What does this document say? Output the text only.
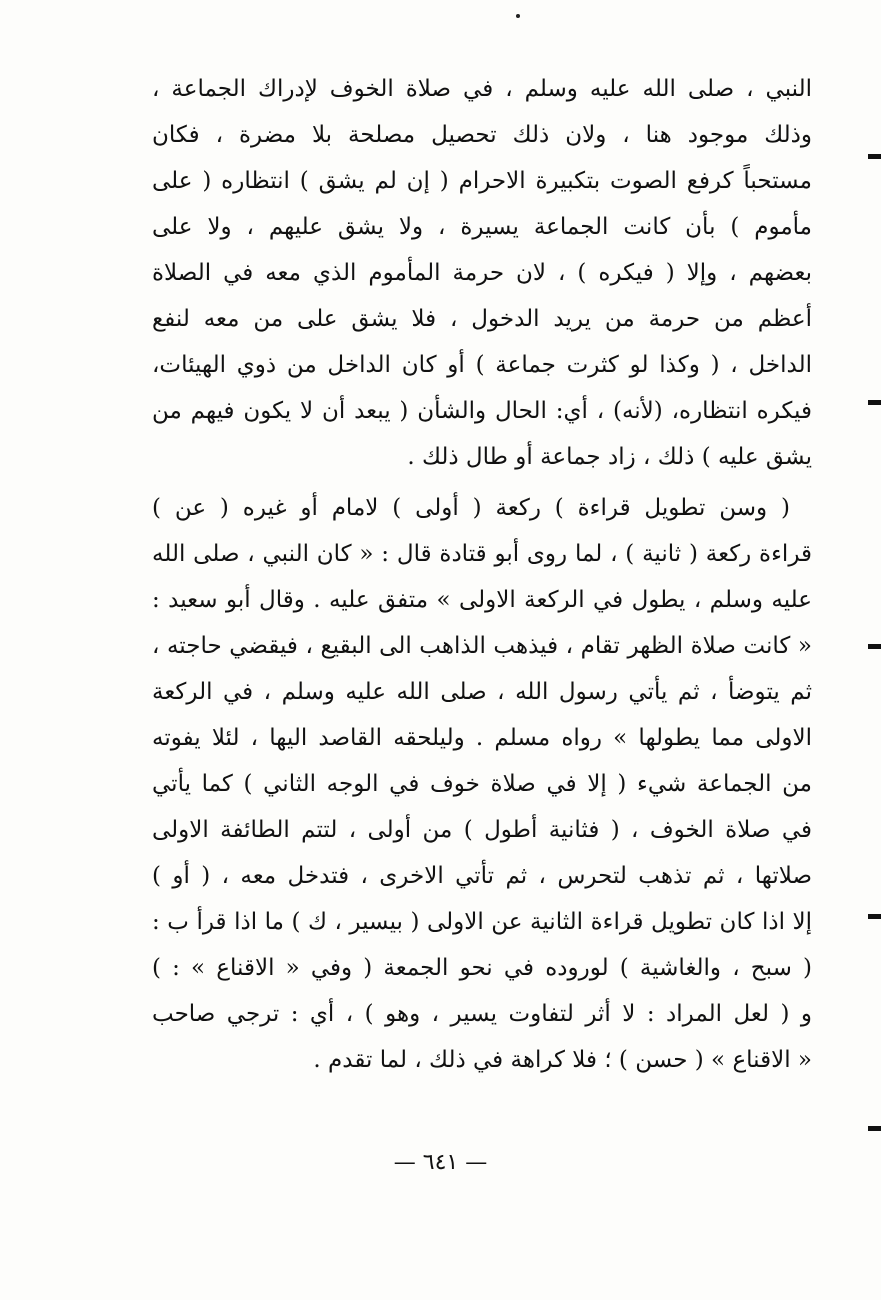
النبي ، صلى الله عليه وسلم ، في صلاة الخوف لإدراك الجماعة ،
وذلك موجود هنا ، ولان ذلك تحصيل مصلحة بلا مضرة ، فكان
مستحباً كرفع الصوت بتكبيرة الاحرام ( إن لم يشق ) انتظاره ( على
مأموم ) بأن كانت الجماعة يسيرة ، ولا يشق عليهم ، ولا على
بعضهم ، وإلا ( فيكره ) ، لان حرمة المأموم الذي معه في الصلاة
أعظم من حرمة من يريد الدخول ، فلا يشق على من معه لنفع
الداخل ، ( وكذا لو كثرت جماعة ) أو كان الداخل من ذوي الهيئات،
فيكره انتظاره، (لأنه) ، أي: الحال والشأن ( يبعد أن لا يكون فيهم من
يشق عليه ) ذلك ، زاد جماعة أو طال ذلك .
( وسن تطويل قراءة ) ركعة ( أولى ) لامام أو غيره ( عن )
قراءة ركعة ( ثانية ) ، لما روى أبو قتادة قال : « كان النبي ، صلى الله
عليه وسلم ، يطول في الركعة الاولى » متفق عليه . وقال أبو سعيد :
« كانت صلاة الظهر تقام ، فيذهب الذاهب الى البقيع ، فيقضي حاجته ،
ثم يتوضأ ، ثم يأتي رسول الله ، صلى الله عليه وسلم ، في الركعة
الاولى مما يطولها » رواه مسلم . وليلحقه القاصد اليها ، لئلا يفوته
من الجماعة شيء ( إلا في صلاة خوف في الوجه الثاني ) كما يأتي
في صلاة الخوف ، ( فثانية أطول ) من أولى ، لتتم الطائفة الاولى
صلاتها ، ثم تذهب لتحرس ، ثم تأتي الاخرى ، فتدخل معه ، ( أو )
إلا اذا كان تطويل قراءة الثانية عن الاولى ( بيسير ، ك ) ما اذا قرأ ب :
( سبح ، والغاشية ) لوروده في نحو الجمعة ( وفي « الاقناع » : )
و ( لعل المراد : لا أثر لتفاوت يسير ، وهو ) ، أي : ترجي صاحب
« الاقناع » ( حسن ) ؛ فلا كراهة في ذلك ، لما تقدم .
— ٦٤١ —
